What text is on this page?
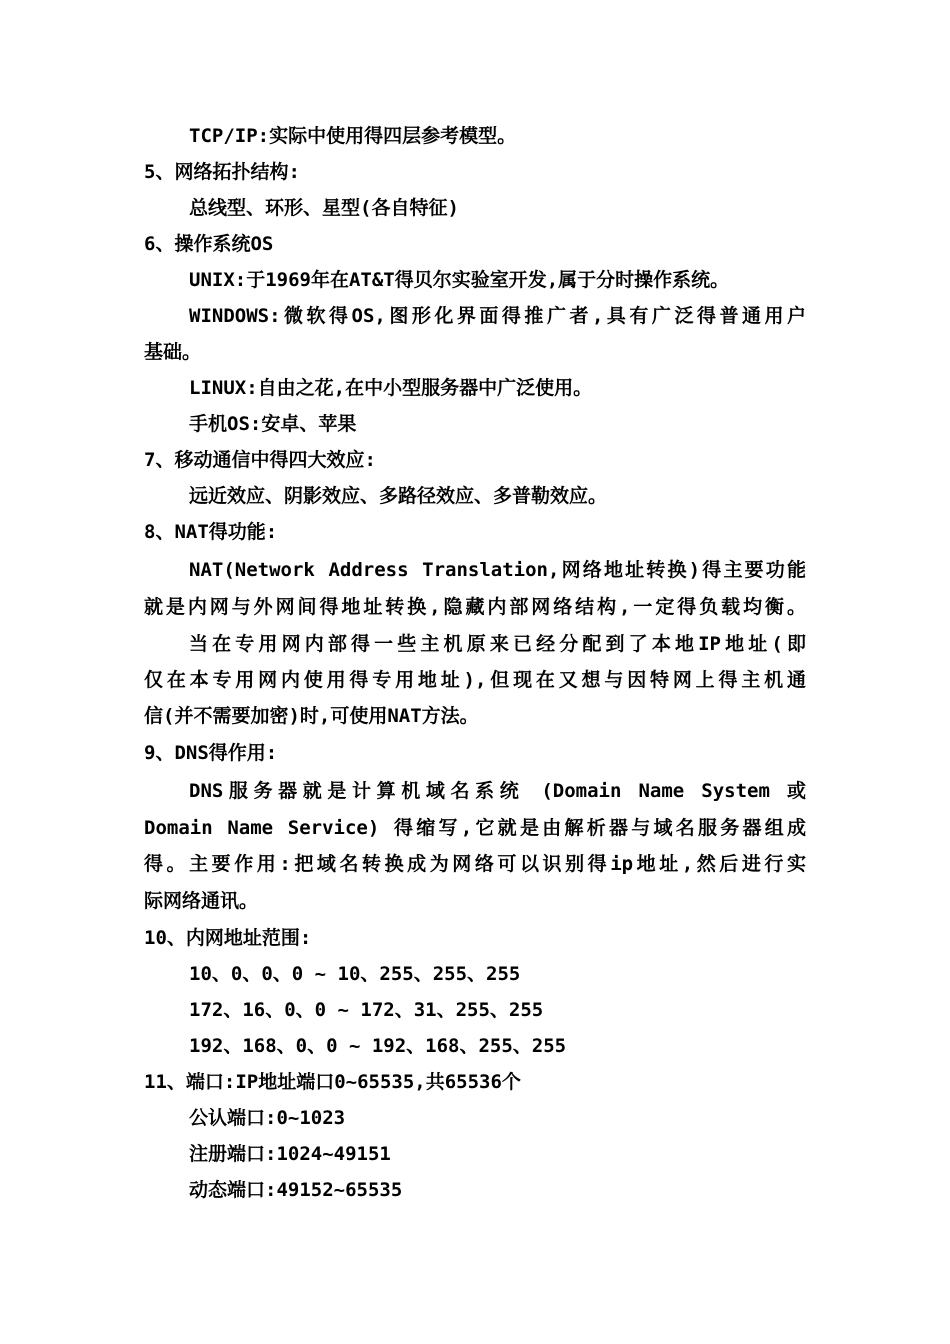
TCP/IP:实际中使用得四层参考模型。
5、网络拓扑结构:
总线型、环形、星型(各自特征)
6、操作系统OS
UNIX:于1969年在AT&T得贝尔实验室开发,属于分时操作系统。
WINDOWS:微软得OS,图形化界面得推广者,具有广泛得普通用户
基础。
LINUX:自由之花,在中小型服务器中广泛使用。
手机OS:安卓、苹果
7、移动通信中得四大效应:
远近效应、阴影效应、多路径效应、多普勒效应。
8、NAT得功能:
NAT(Network Address Translation,网络地址转换)得主要功能
就是内网与外网间得地址转换,隐藏内部网络结构,一定得负载均衡。
当在专用网内部得一些主机原来已经分配到了本地IP地址(即
仅在本专用网内使用得专用地址),但现在又想与因特网上得主机通
信(并不需要加密)时,可使用NAT方法。
9、DNS得作用:
DNS服务器就是计算机域名系统 (Domain Name System 或
Domain Name Service) 得缩写,它就是由解析器与域名服务器组成
得。主要作用:把域名转换成为网络可以识别得ip地址,然后进行实
际网络通讯。
10、内网地址范围:
10、0、0、0 ~ 10、255、255、255
172、16、0、0 ~ 172、31、255、255
192、168、0、0 ~ 192、168、255、255
11、端口:IP地址端口0~65535,共65536个
公认端口:0~1023
注册端口:1024~49151
动态端口:49152~65535
